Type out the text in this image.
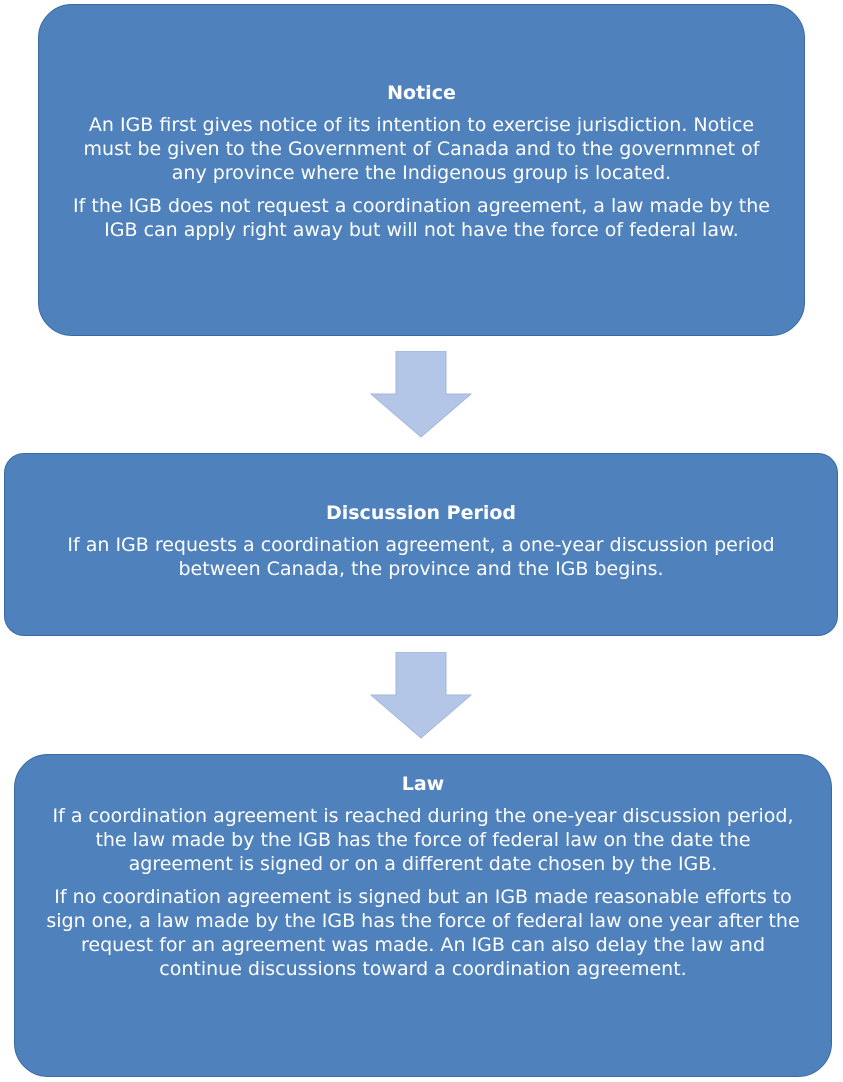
Notice

An IGB first gives notice of its intention to exercise jurisdiction. Notice must be given to the Government of Canada and to the governmnet of any province where the Indigenous group is located.

If the IGB does not request a coordination agreement, a law made by the IGB can apply right away but will not have the force of federal law.

Discussion Period

If an IGB requests a coordination agreement, a one-year discussion period between Canada, the province and the IGB begins.

Law

If a coordination agreement is reached during the one-year discussion period, the law made by the IGB has the force of federal law on the date the agreement is signed or on a different date chosen by the IGB.

If no coordination agreement is signed but an IGB made reasonable efforts to sign one, a law made by the IGB has the force of federal law one year after the request for an agreement was made. An IGB can also delay the law and continue discussions toward a coordination agreement.
